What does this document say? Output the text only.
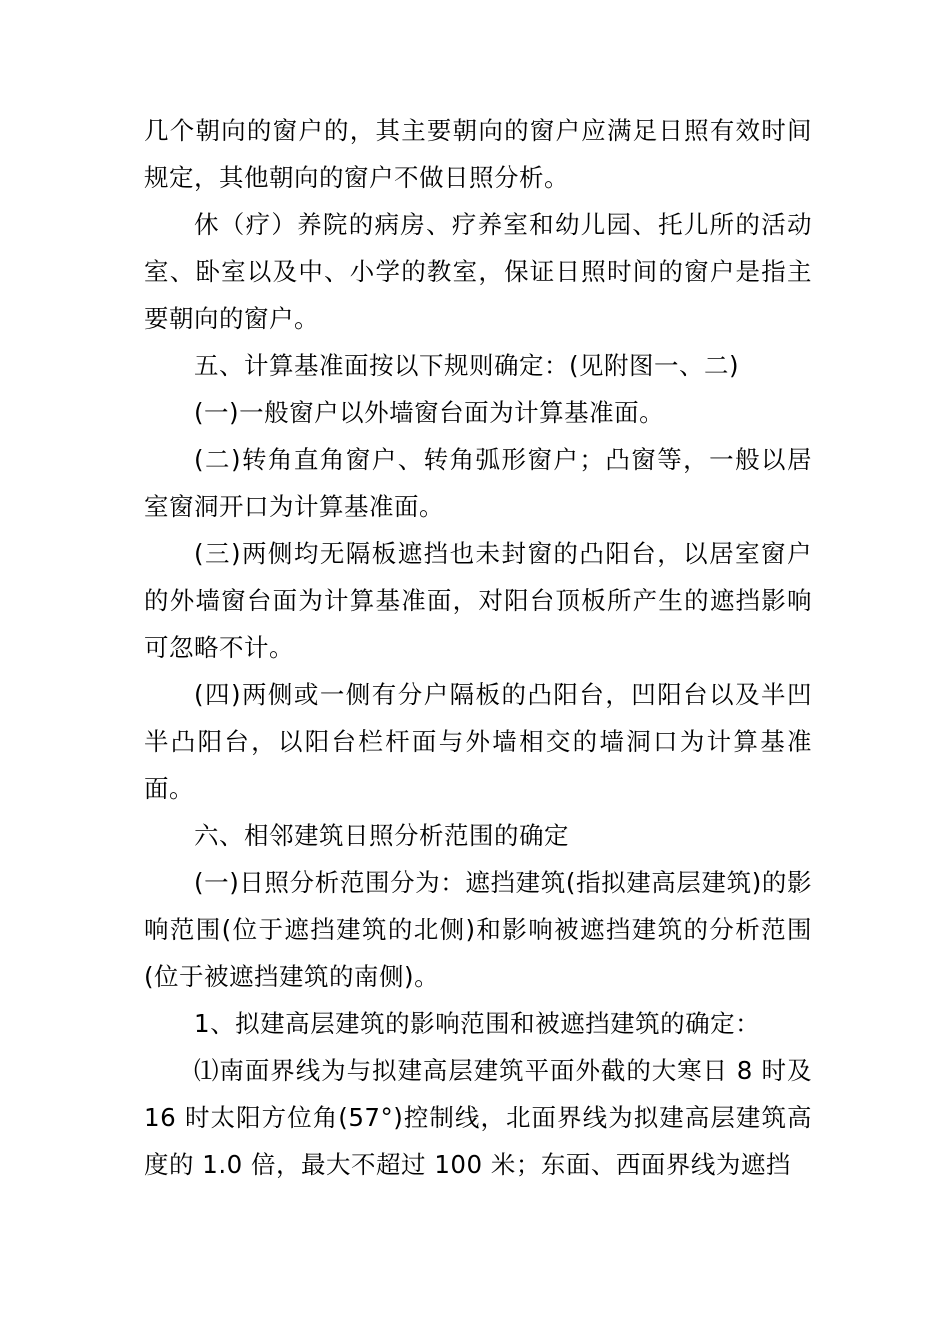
几个朝向的窗户的，其主要朝向的窗户应满足日照有效时间规定，其他朝向的窗户不做日照分析。

休（疗）养院的病房、疗养室和幼儿园、托儿所的活动室、卧室以及中、小学的教室，保证日照时间的窗户是指主要朝向的窗户。

五、计算基准面按以下规则确定：(见附图一、二)

(一)一般窗户以外墙窗台面为计算基准面。

(二)转角直角窗户、转角弧形窗户；凸窗等，一般以居室窗洞开口为计算基准面。

(三)两侧均无隔板遮挡也未封窗的凸阳台，以居室窗户的外墙窗台面为计算基准面，对阳台顶板所产生的遮挡影响可忽略不计。

(四)两侧或一侧有分户隔板的凸阳台，凹阳台以及半凹半凸阳台，以阳台栏杆面与外墙相交的墙洞口为计算基准面。

六、相邻建筑日照分析范围的确定

(一)日照分析范围分为：遮挡建筑(指拟建高层建筑)的影响范围(位于遮挡建筑的北侧)和影响被遮挡建筑的分析范围(位于被遮挡建筑的南侧)。

1、拟建高层建筑的影响范围和被遮挡建筑的确定：

⑴南面界线为与拟建高层建筑平面外截的大寒日 8 时及 16 时太阳方位角(57°)控制线，北面界线为拟建高层建筑高度的 1.0 倍，最大不超过 100 米；东面、西面界线为遮挡
